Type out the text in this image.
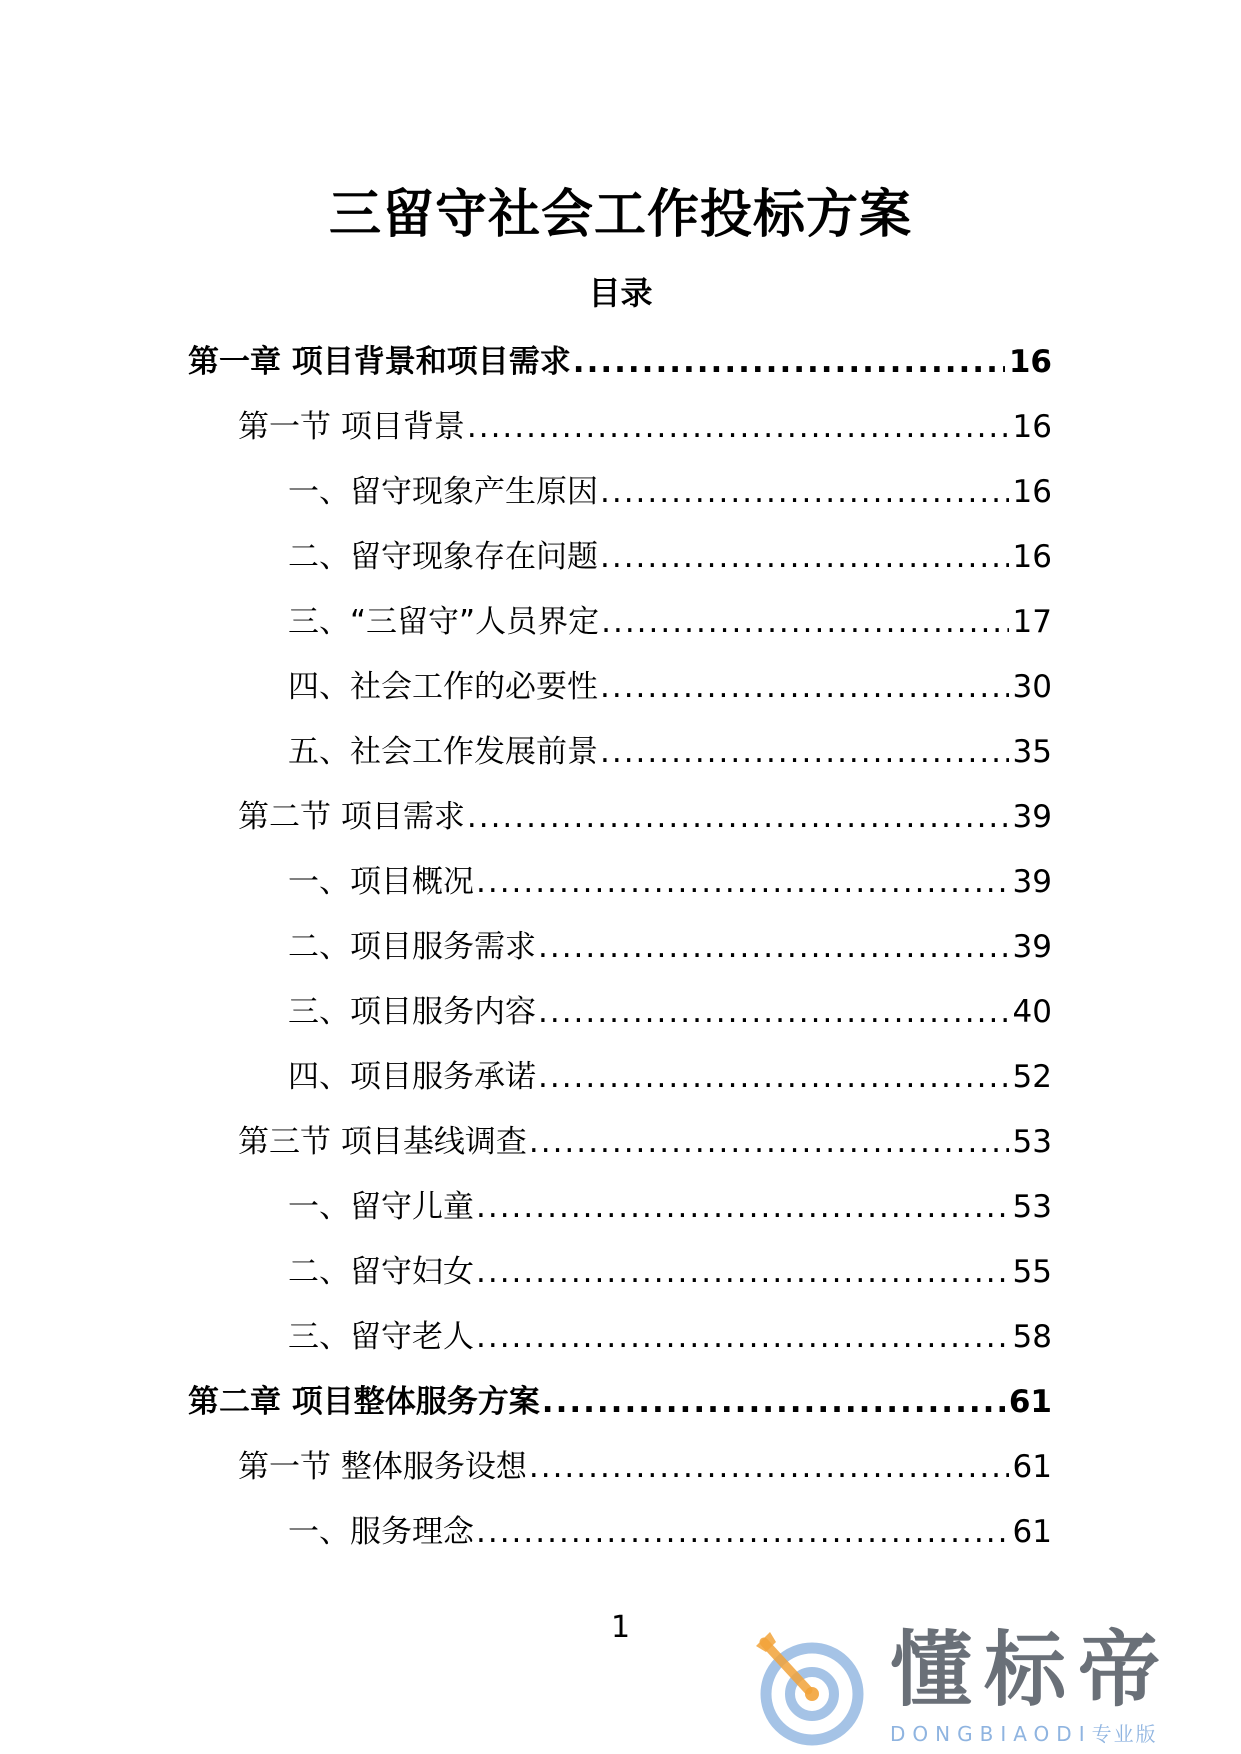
三留守社会工作投标方案
目录
第一章 项目背景和项目需求 .....	16
第一节 项目背景 .....	16
一、留守现象产生原因 .....	16
二、留守现象存在问题 .....	16
三、“三留守”人员界定 .....	17
四、社会工作的必要性 .....	30
五、社会工作发展前景 .....	35
第二节 项目需求 .....	39
一、项目概况 .....	39
二、项目服务需求 .....	39
三、项目服务内容 .....	40
四、项目服务承诺 .....	52
第三节 项目基线调查 .....	53
一、留守儿童 .....	53
二、留守妇女 .....	55
三、留守老人 .....	58
第二章 项目整体服务方案 .....	61
第一节 整体服务设想 .....	61
一、服务理念 .....	61
1	懂标帝
DONGBIAODI专业版
